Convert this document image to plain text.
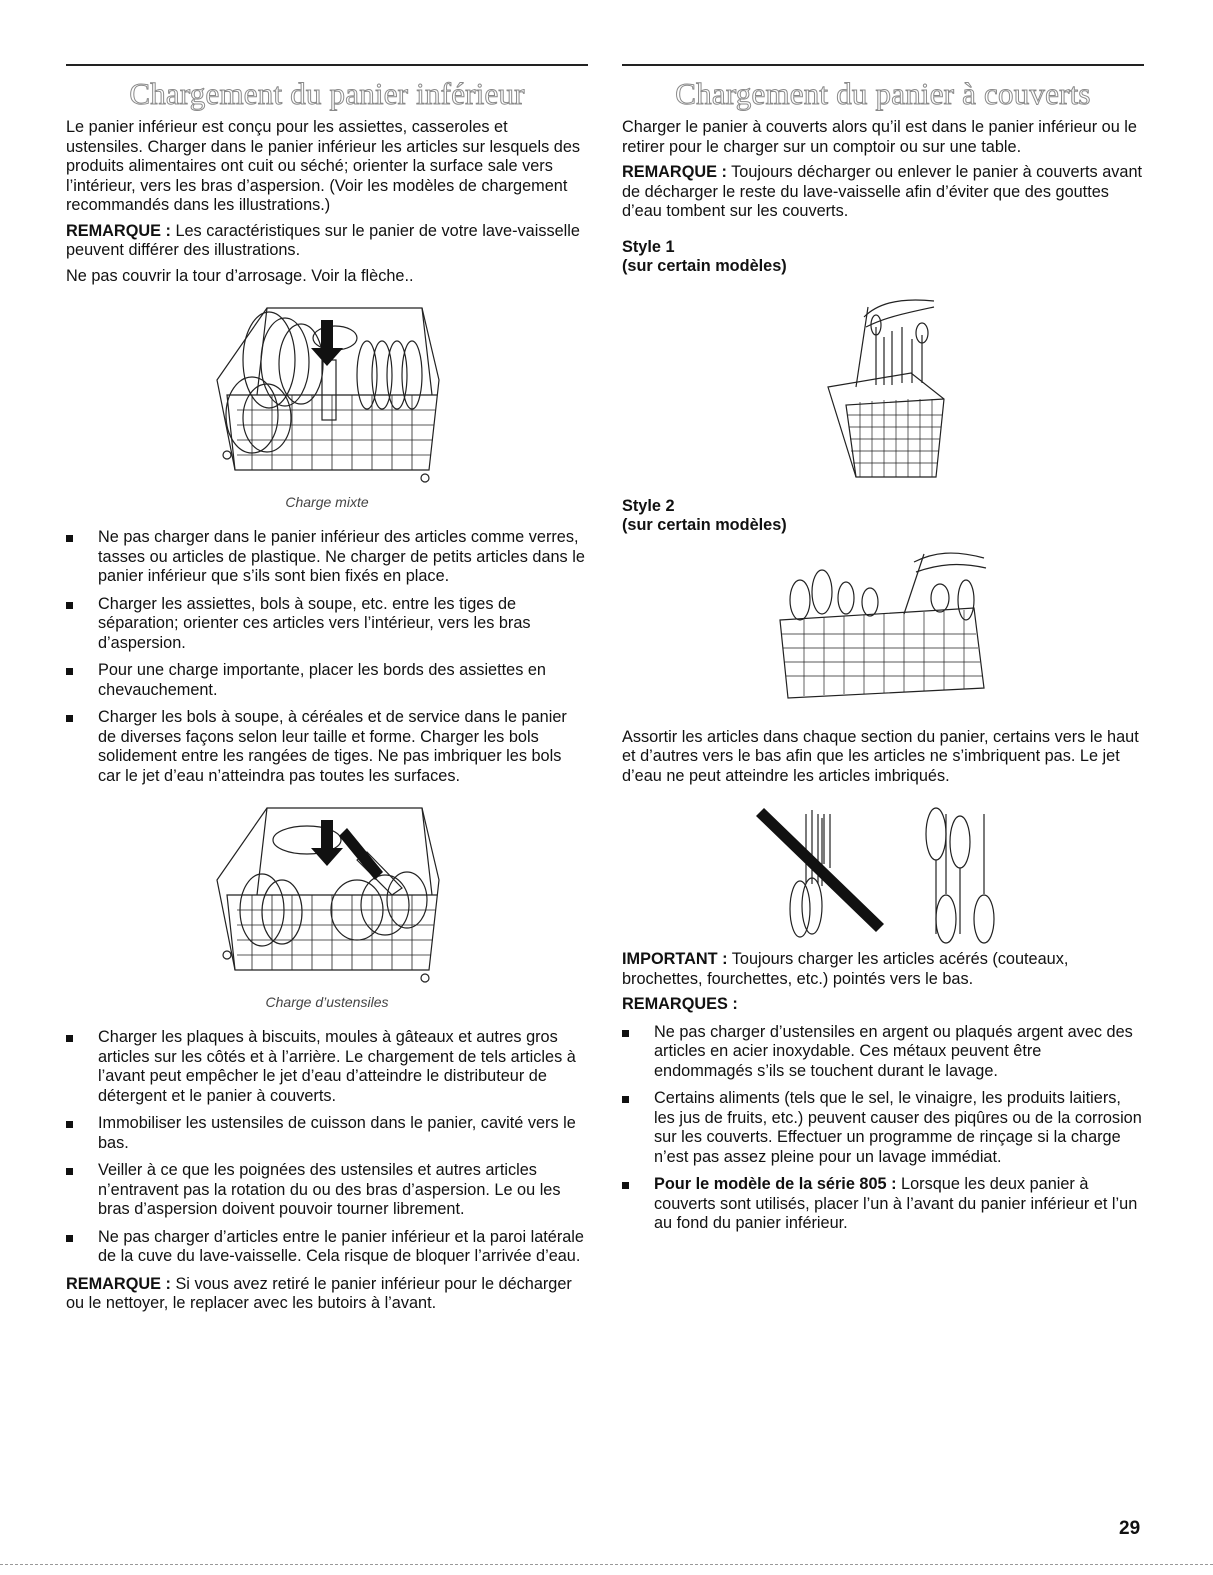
Chargement du panier inférieur

Le panier inférieur est conçu pour les assiettes, casseroles et ustensiles. Charger dans le panier inférieur les articles sur lesquels des produits alimentaires ont cuit ou séché; orienter la surface sale vers l’intérieur, vers les bras d’aspersion. (Voir les modèles de chargement recommandés dans les illustrations.)

REMARQUE : Les caractéristiques sur le panier de votre lave-vaisselle peuvent différer des illustrations.

Ne pas couvrir la tour d’arrosage. Voir la flèche..

Charge mixte
Ne pas charger dans le panier inférieur des articles comme verres, tasses ou articles de plastique. Ne charger de petits articles dans le panier inférieur que s’ils sont bien fixés en place.
Charger les assiettes, bols à soupe, etc. entre les tiges de séparation; orienter ces articles vers l’intérieur, vers les bras d’aspersion.
Pour une charge importante, placer les bords des assiettes en chevauchement.
Charger les bols à soupe, à céréales et de service dans le panier de diverses façons selon leur taille et forme. Charger les bols solidement entre les rangées de tiges. Ne pas imbriquer les bols car le jet d’eau n’atteindra pas toutes les surfaces.
Charge d’ustensiles
Charger les plaques à biscuits, moules à gâteaux et autres gros articles sur les côtés et à l’arrière. Le chargement de tels articles à l’avant peut empêcher le jet d’eau d’atteindre le distributeur de détergent et le panier à couverts.
Immobiliser les ustensiles de cuisson dans le panier, cavité vers le bas.
Veiller à ce que les poignées des ustensiles et autres articles n’entravent pas la rotation du ou des bras d’aspersion. Le ou les bras d’aspersion doivent pouvoir tourner librement.
Ne pas charger d’articles entre le panier inférieur et la paroi latérale de la cuve du lave-vaisselle. Cela risque de bloquer l’arrivée d’eau.

REMARQUE : Si vous avez retiré le panier inférieur pour le décharger ou le nettoyer, le replacer avec les butoirs à l’avant.

Chargement du panier à couverts

Charger le panier à couverts alors qu’il est dans le panier inférieur ou le retirer pour le charger sur un comptoir ou sur une table.

REMARQUE : Toujours décharger ou enlever le panier à couverts avant de décharger le reste du lave-vaisselle afin d’éviter que des gouttes d’eau tombent sur les couverts.

Style 1
(sur certain modèles)
Style 2
(sur certain modèles)

Assortir les articles dans chaque section du panier, certains vers le haut et d’autres vers le bas afin que les articles ne s’imbriquent pas. Le jet d’eau ne peut atteindre les articles imbriqués.

IMPORTANT : Toujours charger les articles acérés (couteaux, brochettes, fourchettes, etc.) pointés vers le bas.

REMARQUES :

Ne pas charger d’ustensiles en argent ou plaqués argent avec des articles en acier inoxydable. Ces métaux peuvent être endommagés s’ils se touchent durant le lavage.
Certains aliments (tels que le sel, le vinaigre, les produits laitiers, les jus de fruits, etc.) peuvent causer des piqûres ou de la corrosion sur les couverts. Effectuer un programme de rinçage si la charge n’est pas assez pleine pour un lavage immédiat.
Pour le modèle de la série 805 : Lorsque les deux panier à couverts sont utilisés, placer l’un à l’avant du panier inférieur et l’un au fond du panier inférieur.
29
